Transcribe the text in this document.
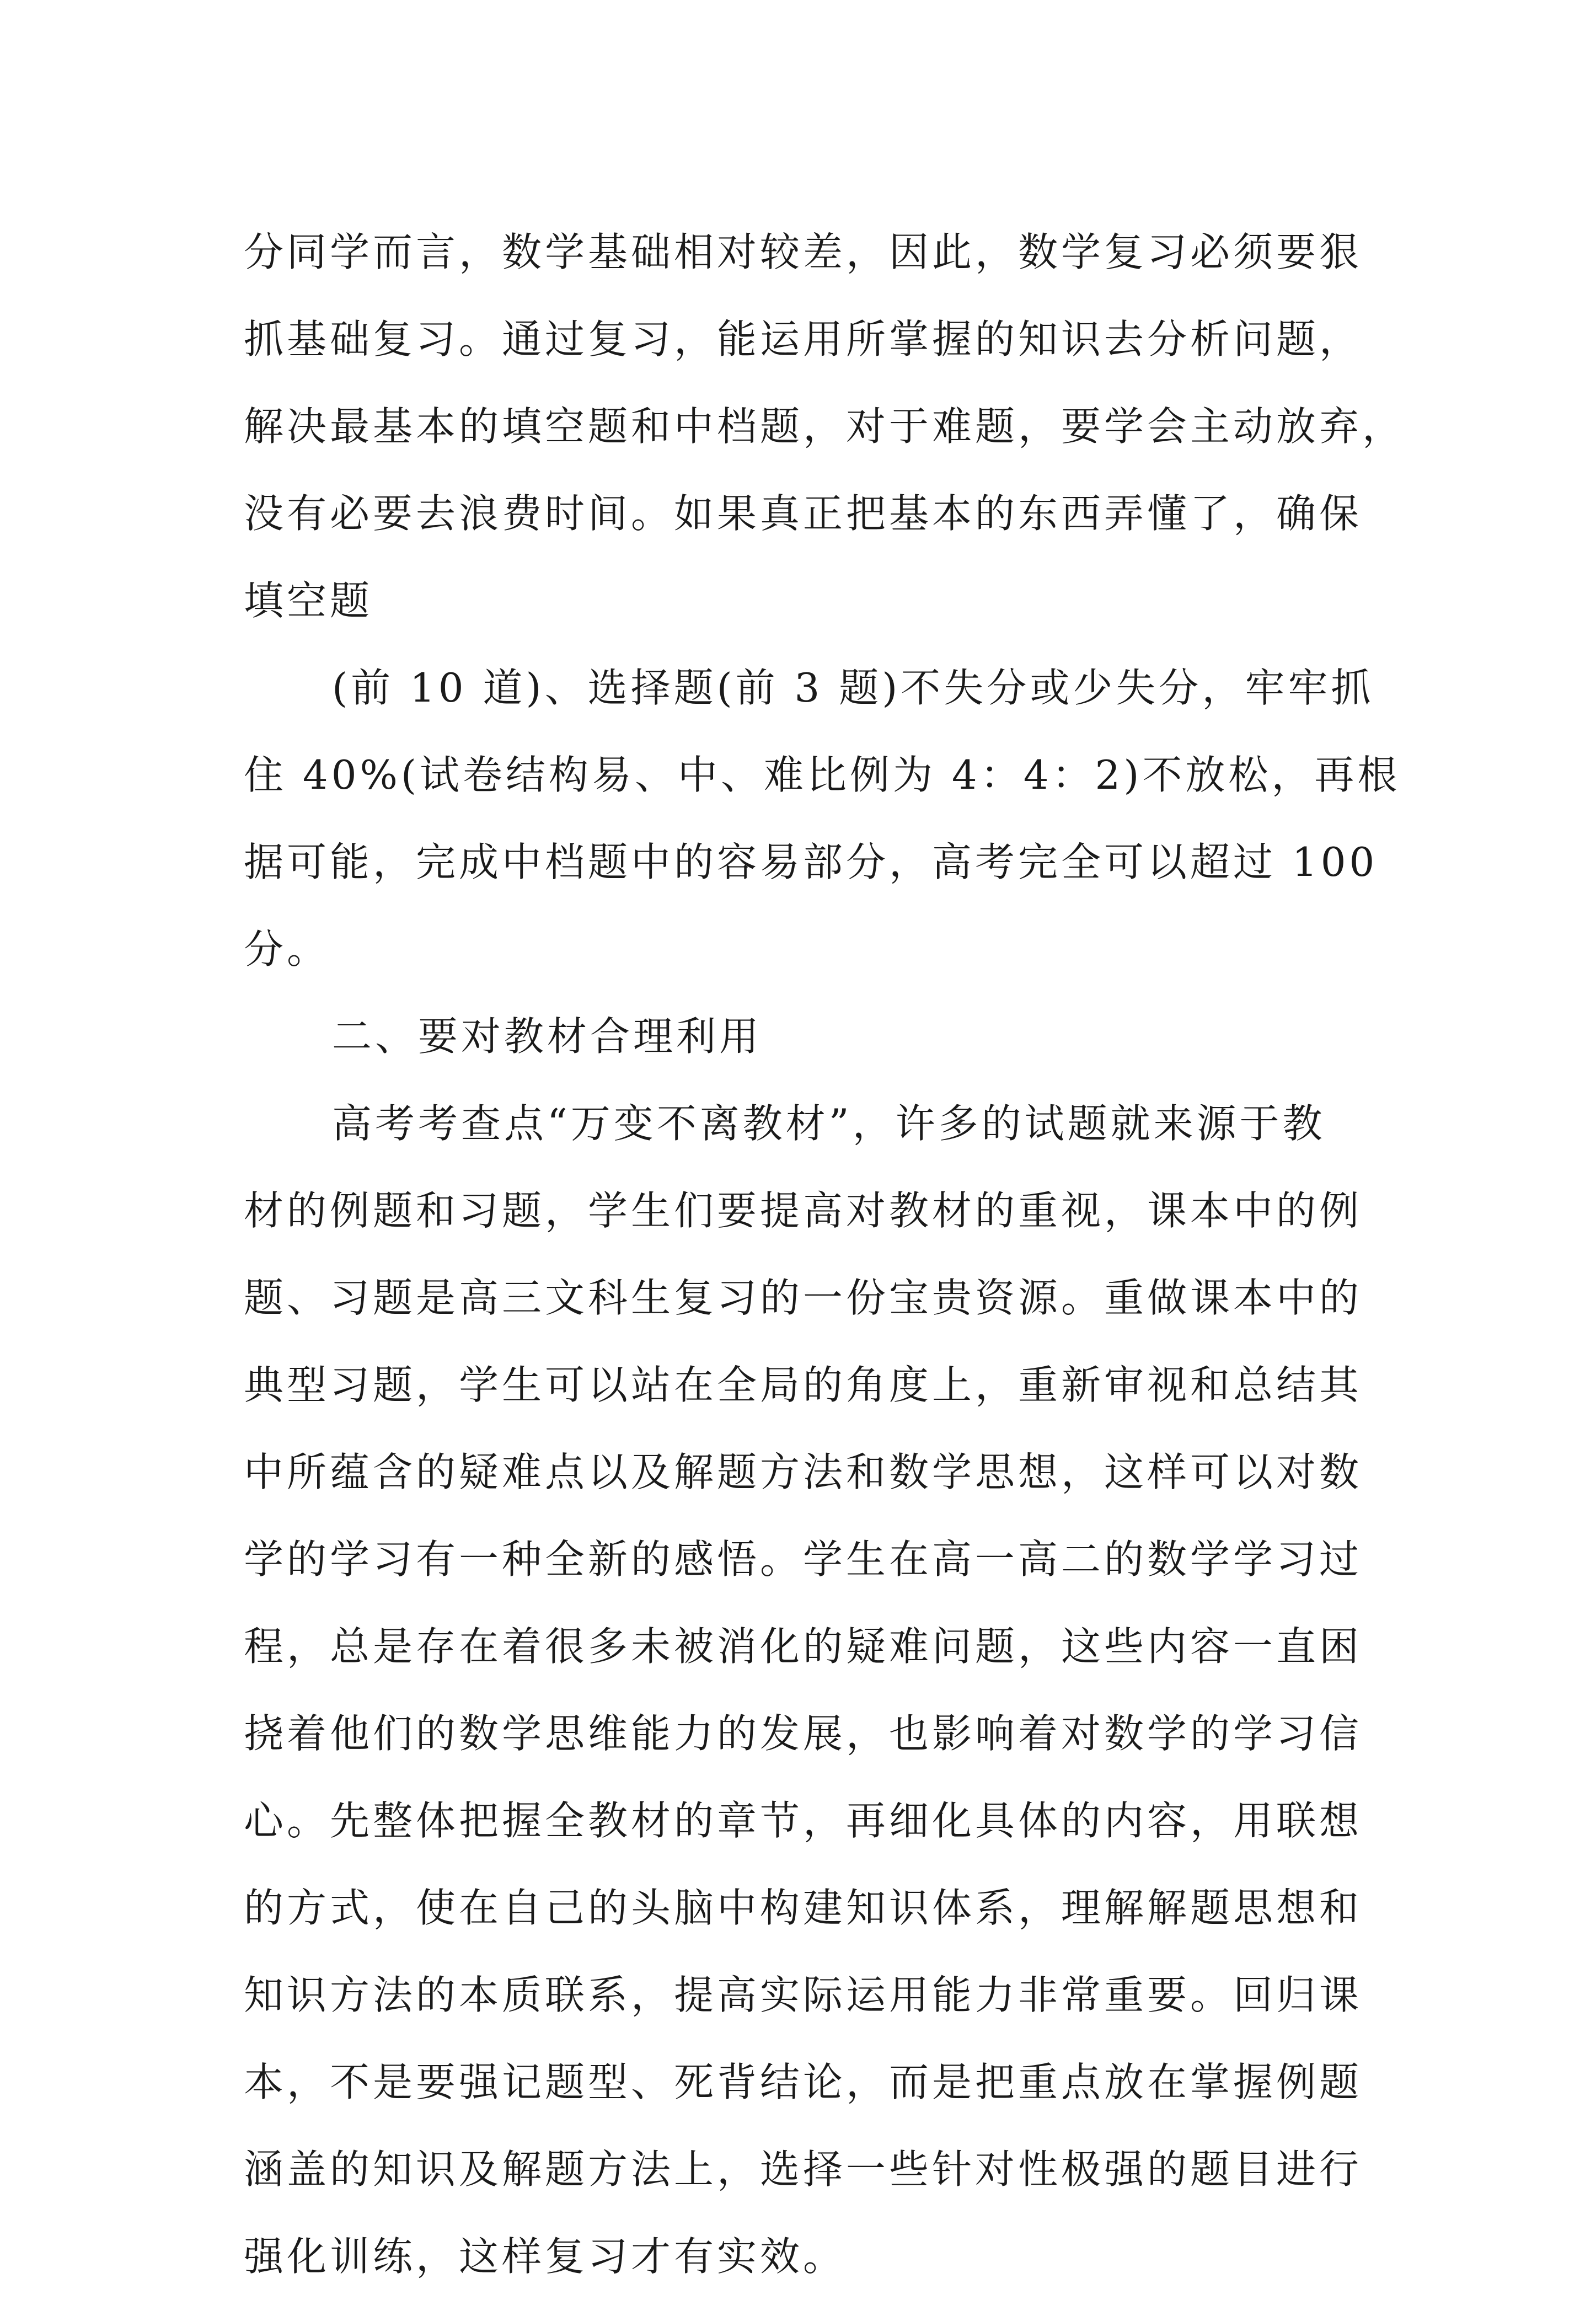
分同学而言，数学基础相对较差，因此，数学复习必须要狠
抓基础复习。通过复习，能运用所掌握的知识去分析问题，
解决最基本的填空题和中档题，对于难题，要学会主动放弃，
没有必要去浪费时间。如果真正把基本的东西弄懂了，确保
填空题
(前 10 道)、选择题(前 3 题)不失分或少失分，牢牢抓
住 40%(试卷结构易、中、难比例为 4：4：2)不放松，再根
据可能，完成中档题中的容易部分，高考完全可以超过 100
分。
二、要对教材合理利用
高考考查点“万变不离教材”，许多的试题就来源于教
材的例题和习题，学生们要提高对教材的重视，课本中的例
题、习题是高三文科生复习的一份宝贵资源。重做课本中的
典型习题，学生可以站在全局的角度上，重新审视和总结其
中所蕴含的疑难点以及解题方法和数学思想，这样可以对数
学的学习有一种全新的感悟。学生在高一高二的数学学习过
程，总是存在着很多未被消化的疑难问题，这些内容一直困
挠着他们的数学思维能力的发展，也影响着对数学的学习信
心。先整体把握全教材的章节，再细化具体的内容，用联想
的方式，使在自己的头脑中构建知识体系，理解解题思想和
知识方法的本质联系，提高实际运用能力非常重要。回归课
本，不是要强记题型、死背结论，而是把重点放在掌握例题
涵盖的知识及解题方法上，选择一些针对性极强的题目进行
强化训练，这样复习才有实效。
